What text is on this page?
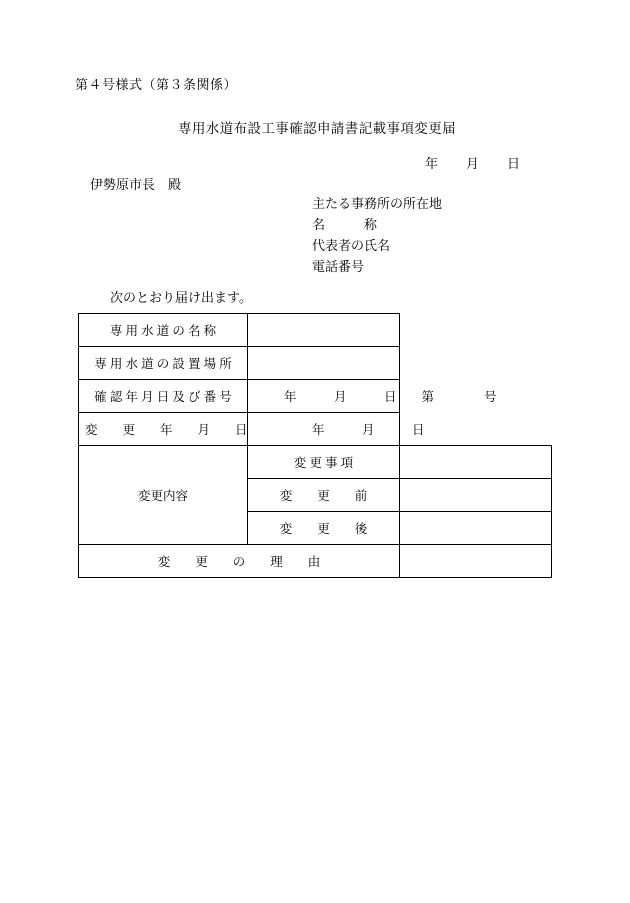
第４号様式（第３条関係）
専用水道布設工事確認申請書記載事項変更届
年 月 日
伊勢原市長　殿
主たる事務所の所在地
名　　　称
代表者の氏名
電話番号
次のとおり届け出ます。
専 用 水 道 の 名 称		
専 用 水 道 の 設 置 場 所		
確 認 年 月 日 及 び 番 号	年　　　月　　　日　　第　　　　号	
変　　更　　年　　月　　日	年　　　月　　　日	
変更内容	変 更 事 項	
	変　　更　　前	
	変　　更　　後	
変　　更　　の　　理　　由		
